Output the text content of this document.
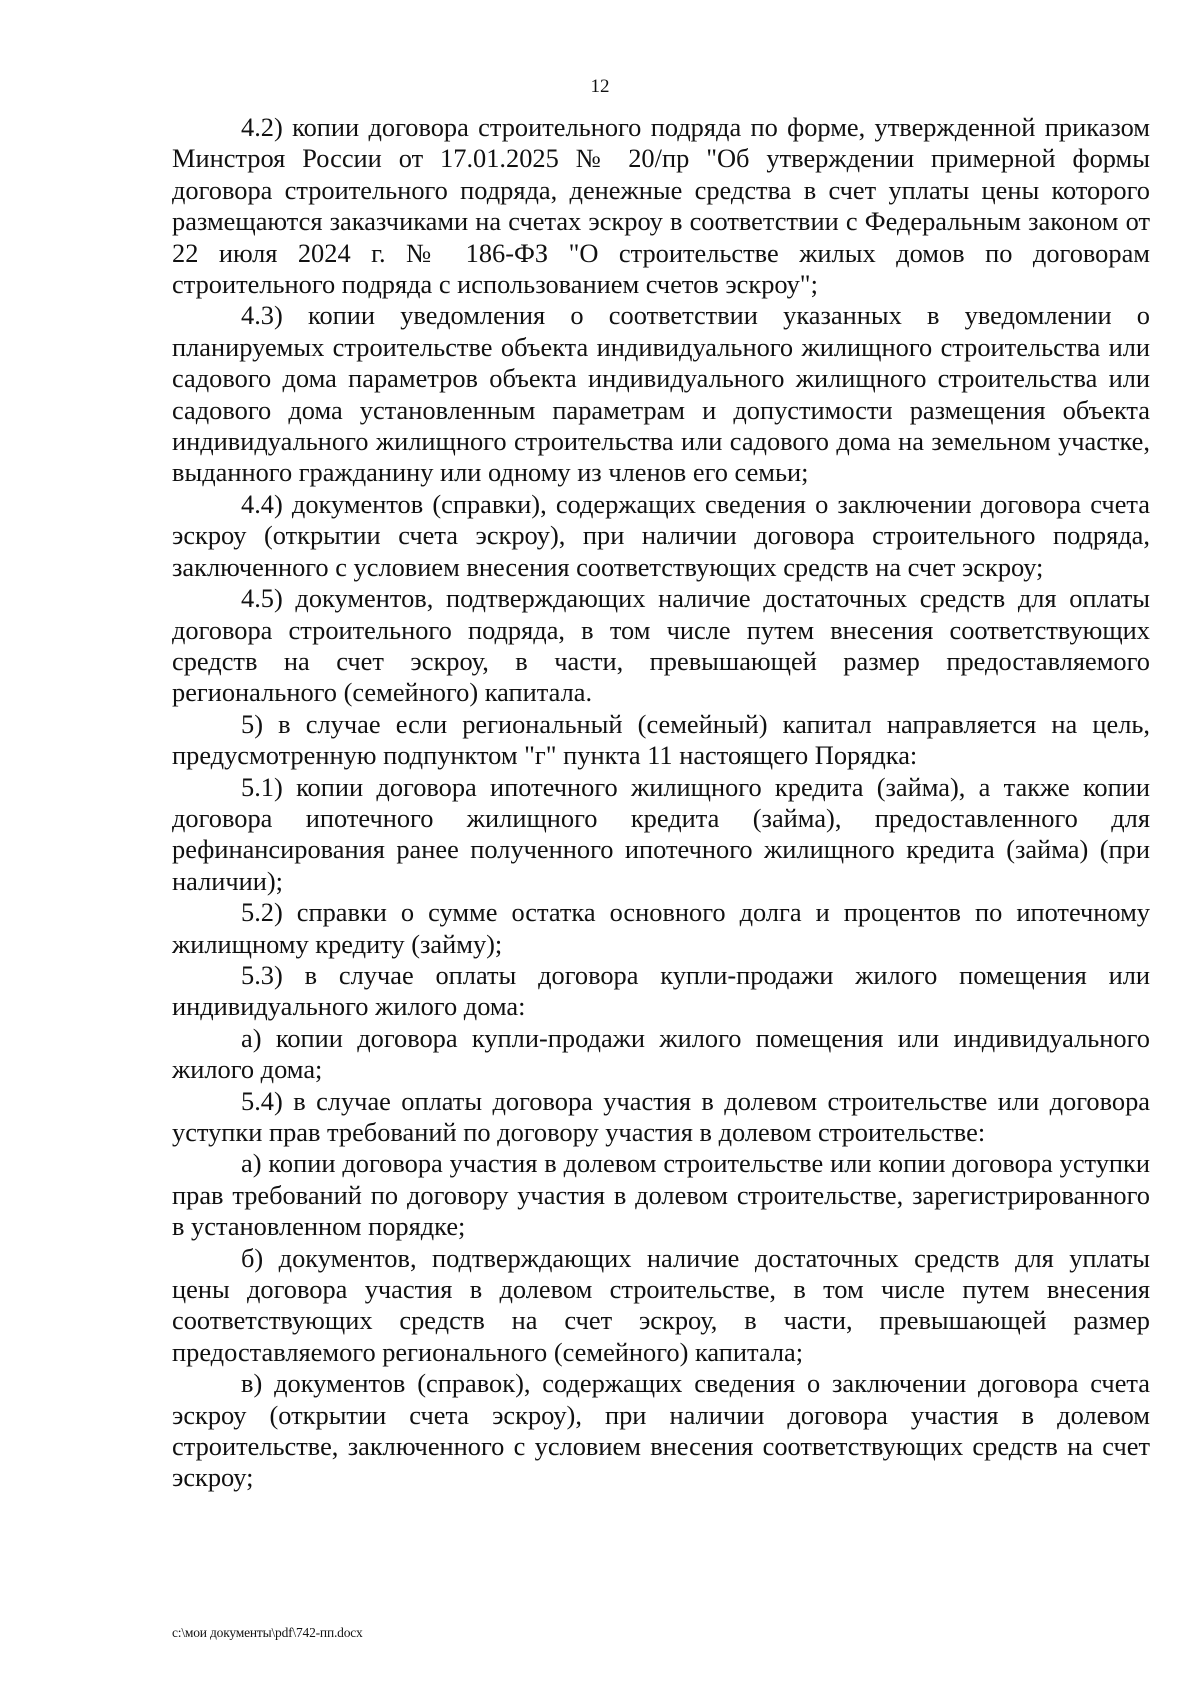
12

4.2) копии договора строительного подряда по форме, утвержденной приказом Минстроя России от 17.01.2025 № 20/пр "Об утверждении примерной формы договора строительного подряда, денежные средства в счет уплаты цены которого размещаются заказчиками на счетах эскроу в соответствии с Федеральным законом от 22 июля 2024 г. № 186-ФЗ "О строительстве жилых домов по договорам строительного подряда с использованием счетов эскроу";

4.3) копии уведомления о соответствии указанных в уведомлении о планируемых строительстве объекта индивидуального жилищного строительства или садового дома параметров объекта индивидуального жилищного строительства или садового дома установленным параметрам и допустимости размещения объекта индивидуального жилищного строительства или садового дома на земельном участке, выданного гражданину или одному из членов его семьи;

4.4) документов (справки), содержащих сведения о заключении договора счета эскроу (открытии счета эскроу), при наличии договора строительного подряда, заключенного с условием внесения соответствующих средств на счет эскроу;

4.5) документов, подтверждающих наличие достаточных средств для оплаты договора строительного подряда, в том числе путем внесения соответствующих средств на счет эскроу, в части, превышающей размер предоставляемого регионального (семейного) капитала.

5) в случае если региональный (семейный) капитал направляется на цель, предусмотренную подпунктом "г" пункта 11 настоящего Порядка:

5.1) копии договора ипотечного жилищного кредита (займа), а также копии договора ипотечного жилищного кредита (займа), предоставленного для рефинансирования ранее полученного ипотечного жилищного кредита (займа) (при наличии);

5.2) справки о сумме остатка основного долга и процентов по ипотечному жилищному кредиту (займу);

5.3) в случае оплаты договора купли-продажи жилого помещения или индивидуального жилого дома:

а) копии договора купли-продажи жилого помещения или индивидуального жилого дома;

5.4) в случае оплаты договора участия в долевом строительстве или договора уступки прав требований по договору участия в долевом строительстве:

а) копии договора участия в долевом строительстве или копии договора уступки прав требований по договору участия в долевом строительстве, зарегистрированного в установленном порядке;

б) документов, подтверждающих наличие достаточных средств для уплаты цены договора участия в долевом строительстве, в том числе путем внесения соответствующих средств на счет эскроу, в части, превышающей размер предоставляемого регионального (семейного) капитала;

в) документов (справок), содержащих сведения о заключении договора счета эскроу (открытии счета эскроу), при наличии договора участия в долевом строительстве, заключенного с условием внесения соответствующих средств на счет эскроу;

c:\мои документы\pdf\742-пп.docx
